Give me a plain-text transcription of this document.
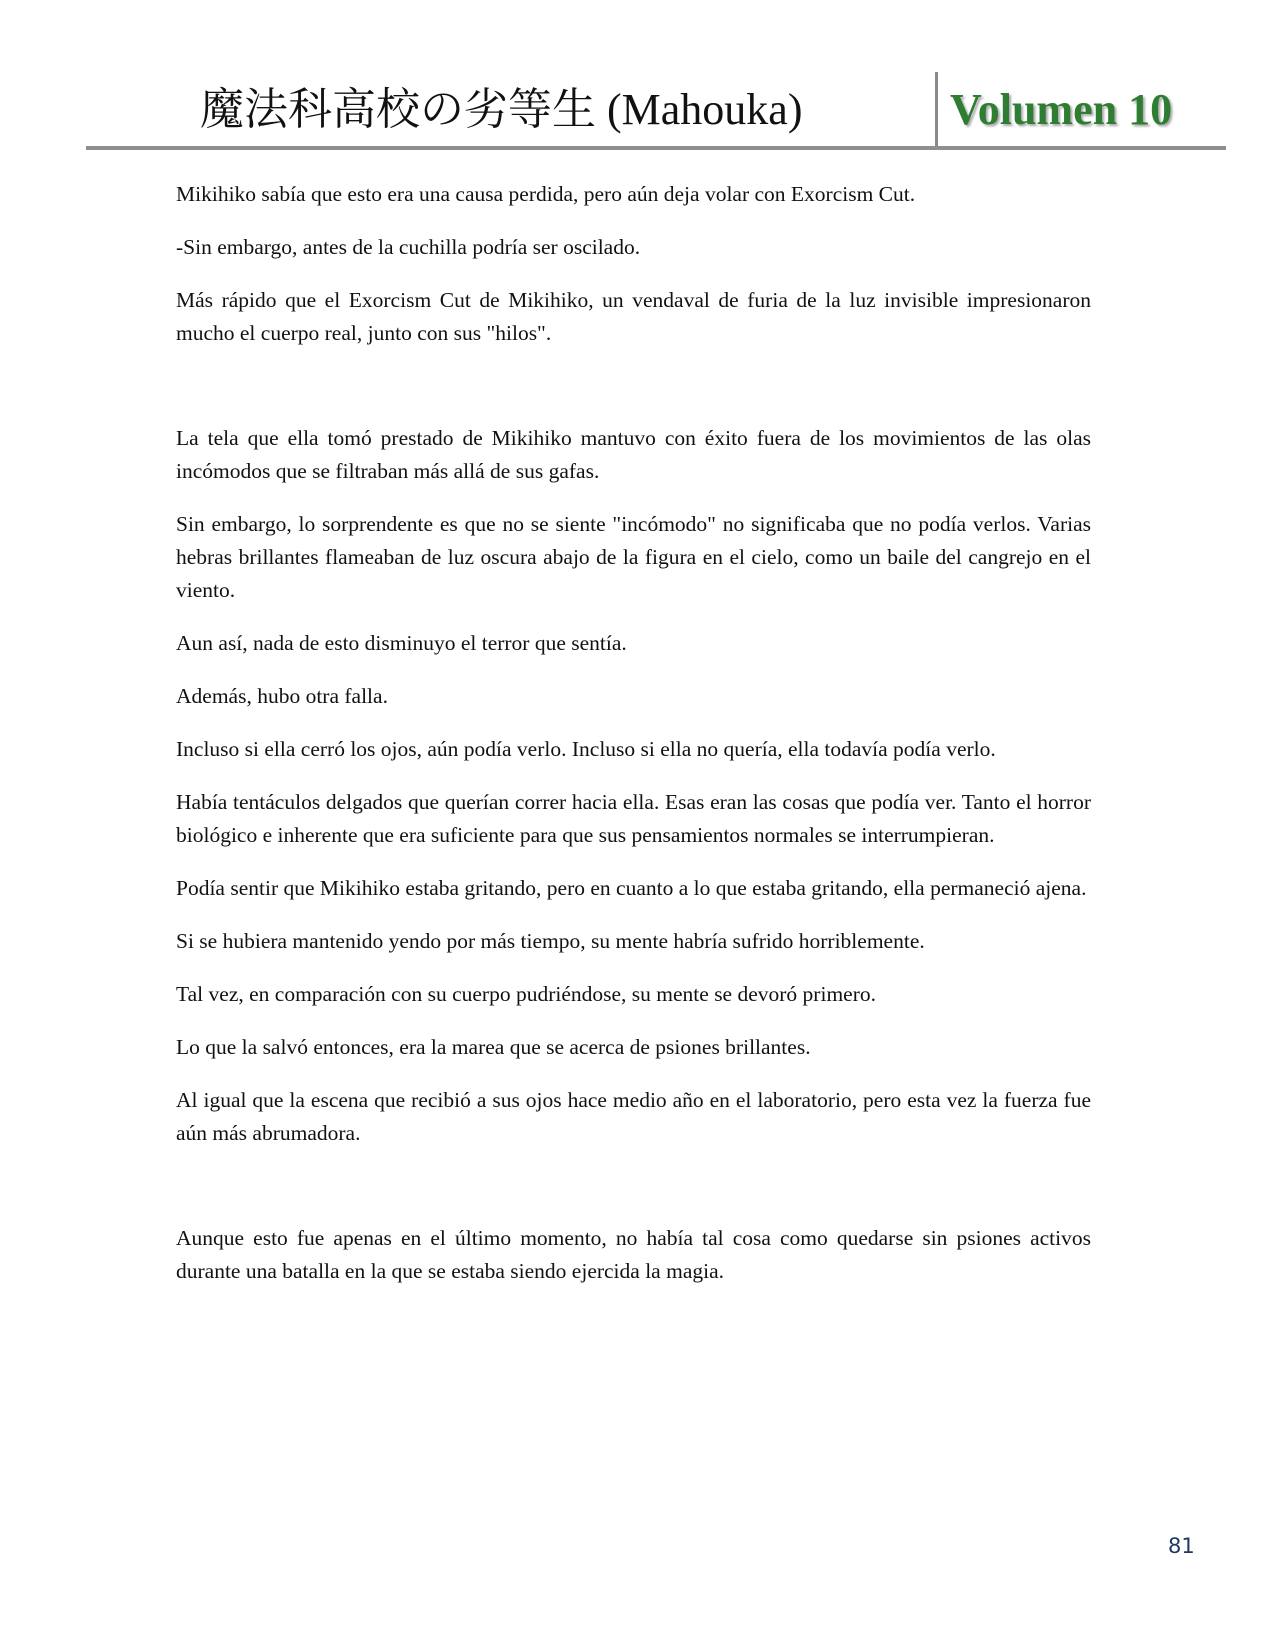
魔法科高校の劣等生 (Mahouka)	Volumen 10

Mikihiko sabía que esto era una causa perdida, pero aún deja volar con Exorcism Cut.

-Sin embargo, antes de la cuchilla podría ser oscilado.

Más rápido que el Exorcism Cut de Mikihiko, un vendaval de furia de la luz invisible impresionaron mucho el cuerpo real, junto con sus "hilos".

La tela que ella tomó prestado de Mikihiko mantuvo con éxito fuera de los movimientos de las olas incómodos que se filtraban más allá de sus gafas.

Sin embargo, lo sorprendente es que no se siente "incómodo" no significaba que no podía verlos. Varias hebras brillantes flameaban de luz oscura abajo de la figura en el cielo, como un baile del cangrejo en el viento.

Aun así, nada de esto disminuyo el terror que sentía.

Además, hubo otra falla.

Incluso si ella cerró los ojos, aún podía verlo. Incluso si ella no quería, ella todavía podía verlo.

Había tentáculos delgados que querían correr hacia ella. Esas eran las cosas que podía ver. Tanto el horror biológico e inherente que era suficiente para que sus pensamientos normales se interrumpieran.

Podía sentir que Mikihiko estaba gritando, pero en cuanto a lo que estaba gritando, ella permaneció ajena.

Si se hubiera mantenido yendo por más tiempo, su mente habría sufrido horriblemente.

Tal vez, en comparación con su cuerpo pudriéndose, su mente se devoró primero.

Lo que la salvó entonces, era la marea que se acerca de psiones brillantes.

Al igual que la escena que recibió a sus ojos hace medio año en el laboratorio, pero esta vez la fuerza fue aún más abrumadora.

Aunque esto fue apenas en el último momento, no había tal cosa como quedarse sin psiones activos durante una batalla en la que se estaba siendo ejercida la magia.

81
